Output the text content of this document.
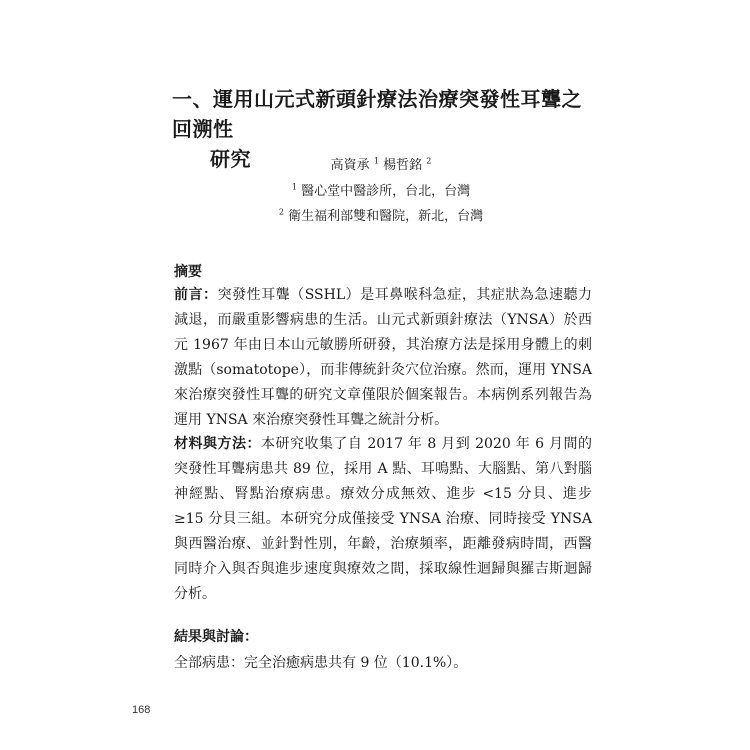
一、運用山元式新頭針療法治療突發性耳聾之回溯性
研究	高資承 $^1$ 楊哲銘 $^2$
$^1$ 醫心堂中醫診所，台北，台灣
$^2$ 衛生福利部雙和醫院，新北，台灣
摘要
前言：突發性耳聾（SSHL）是耳鼻喉科急症，其症狀為急速聽力減退，而嚴重影響病患的生活。山元式新頭針療法（YNSA）於西元 1967 年由日本山元敏勝所研發，其治療方法是採用身體上的刺激點（somatotope），而非傳統針灸穴位治療。然而，運用 YNSA 來治療突發性耳聾的研究文章僅限於個案報告。本病例系列報告為運用 YNSA 來治療突發性耳聾之統計分析。
材料與方法：本研究收集了自 2017 年 8 月到 2020 年 6 月間的突發性耳聾病患共 89 位，採用 A 點、耳鳴點、大腦點、第八對腦神經點、腎點治療病患。療效分成無效、進步 <15 分貝、進步 ≥15 分貝三組。本研究分成僅接受 YNSA 治療、同時接受 YNSA 與西醫治療、並針對性別，年齡，治療頻率，距離發病時間，西醫同時介入與否與進步速度與療效之間，採取線性迴歸與羅吉斯迴歸分析。
結果與討論：
全部病患：完全治癒病患共有 9 位（10.1%）。
168
